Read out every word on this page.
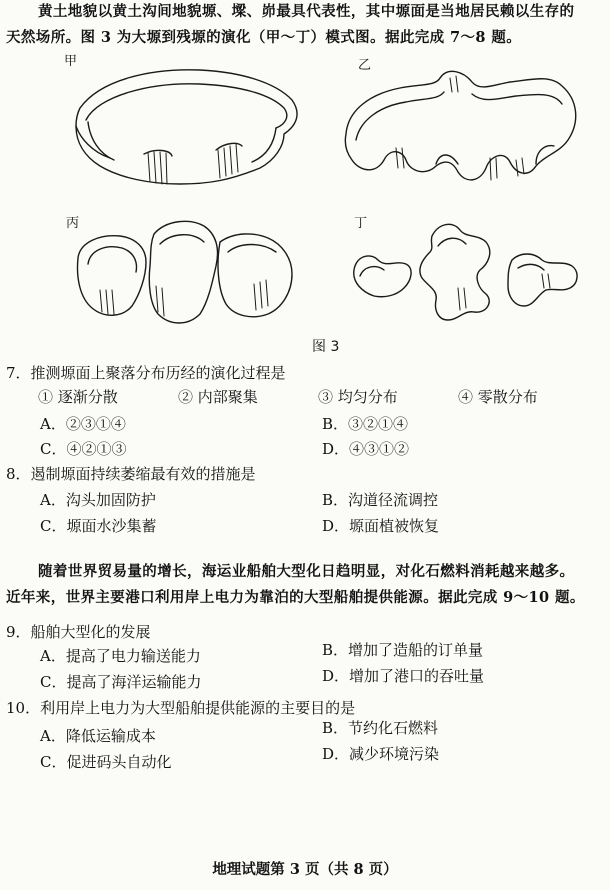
黄土地貌以黄土沟间地貌塬、墚、峁最具代表性，其中塬面是当地居民赖以生存的
天然场所。图 3 为大塬到残塬的演化（甲～丁）模式图。据此完成 7～8 题。
甲	乙
丙	丁
图 3
7．推测塬面上聚落分布历经的演化过程是
① 逐渐分散	② 内部聚集	③ 均匀分布	④ 零散分布
A．②③①④	B．③②①④
C．④②①③	D．④③①②
8．遏制塬面持续萎缩最有效的措施是
A．沟头加固防护	B．沟道径流调控
C．塬面水沙集蓄	D．塬面植被恢复
随着世界贸易量的增长，海运业船舶大型化日趋明显，对化石燃料消耗越来越多。
近年来，世界主要港口利用岸上电力为靠泊的大型船舶提供能源。据此完成 9～10 题。
9．船舶大型化的发展
A．提高了电力输送能力	B．增加了造船的订单量
C．提高了海洋运输能力	D．增加了港口的吞吐量
10．利用岸上电力为大型船舶提供能源的主要目的是
A．降低运输成本	B．节约化石燃料
C．促进码头自动化	D．减少环境污染
地理试题第 3 页（共 8 页）
